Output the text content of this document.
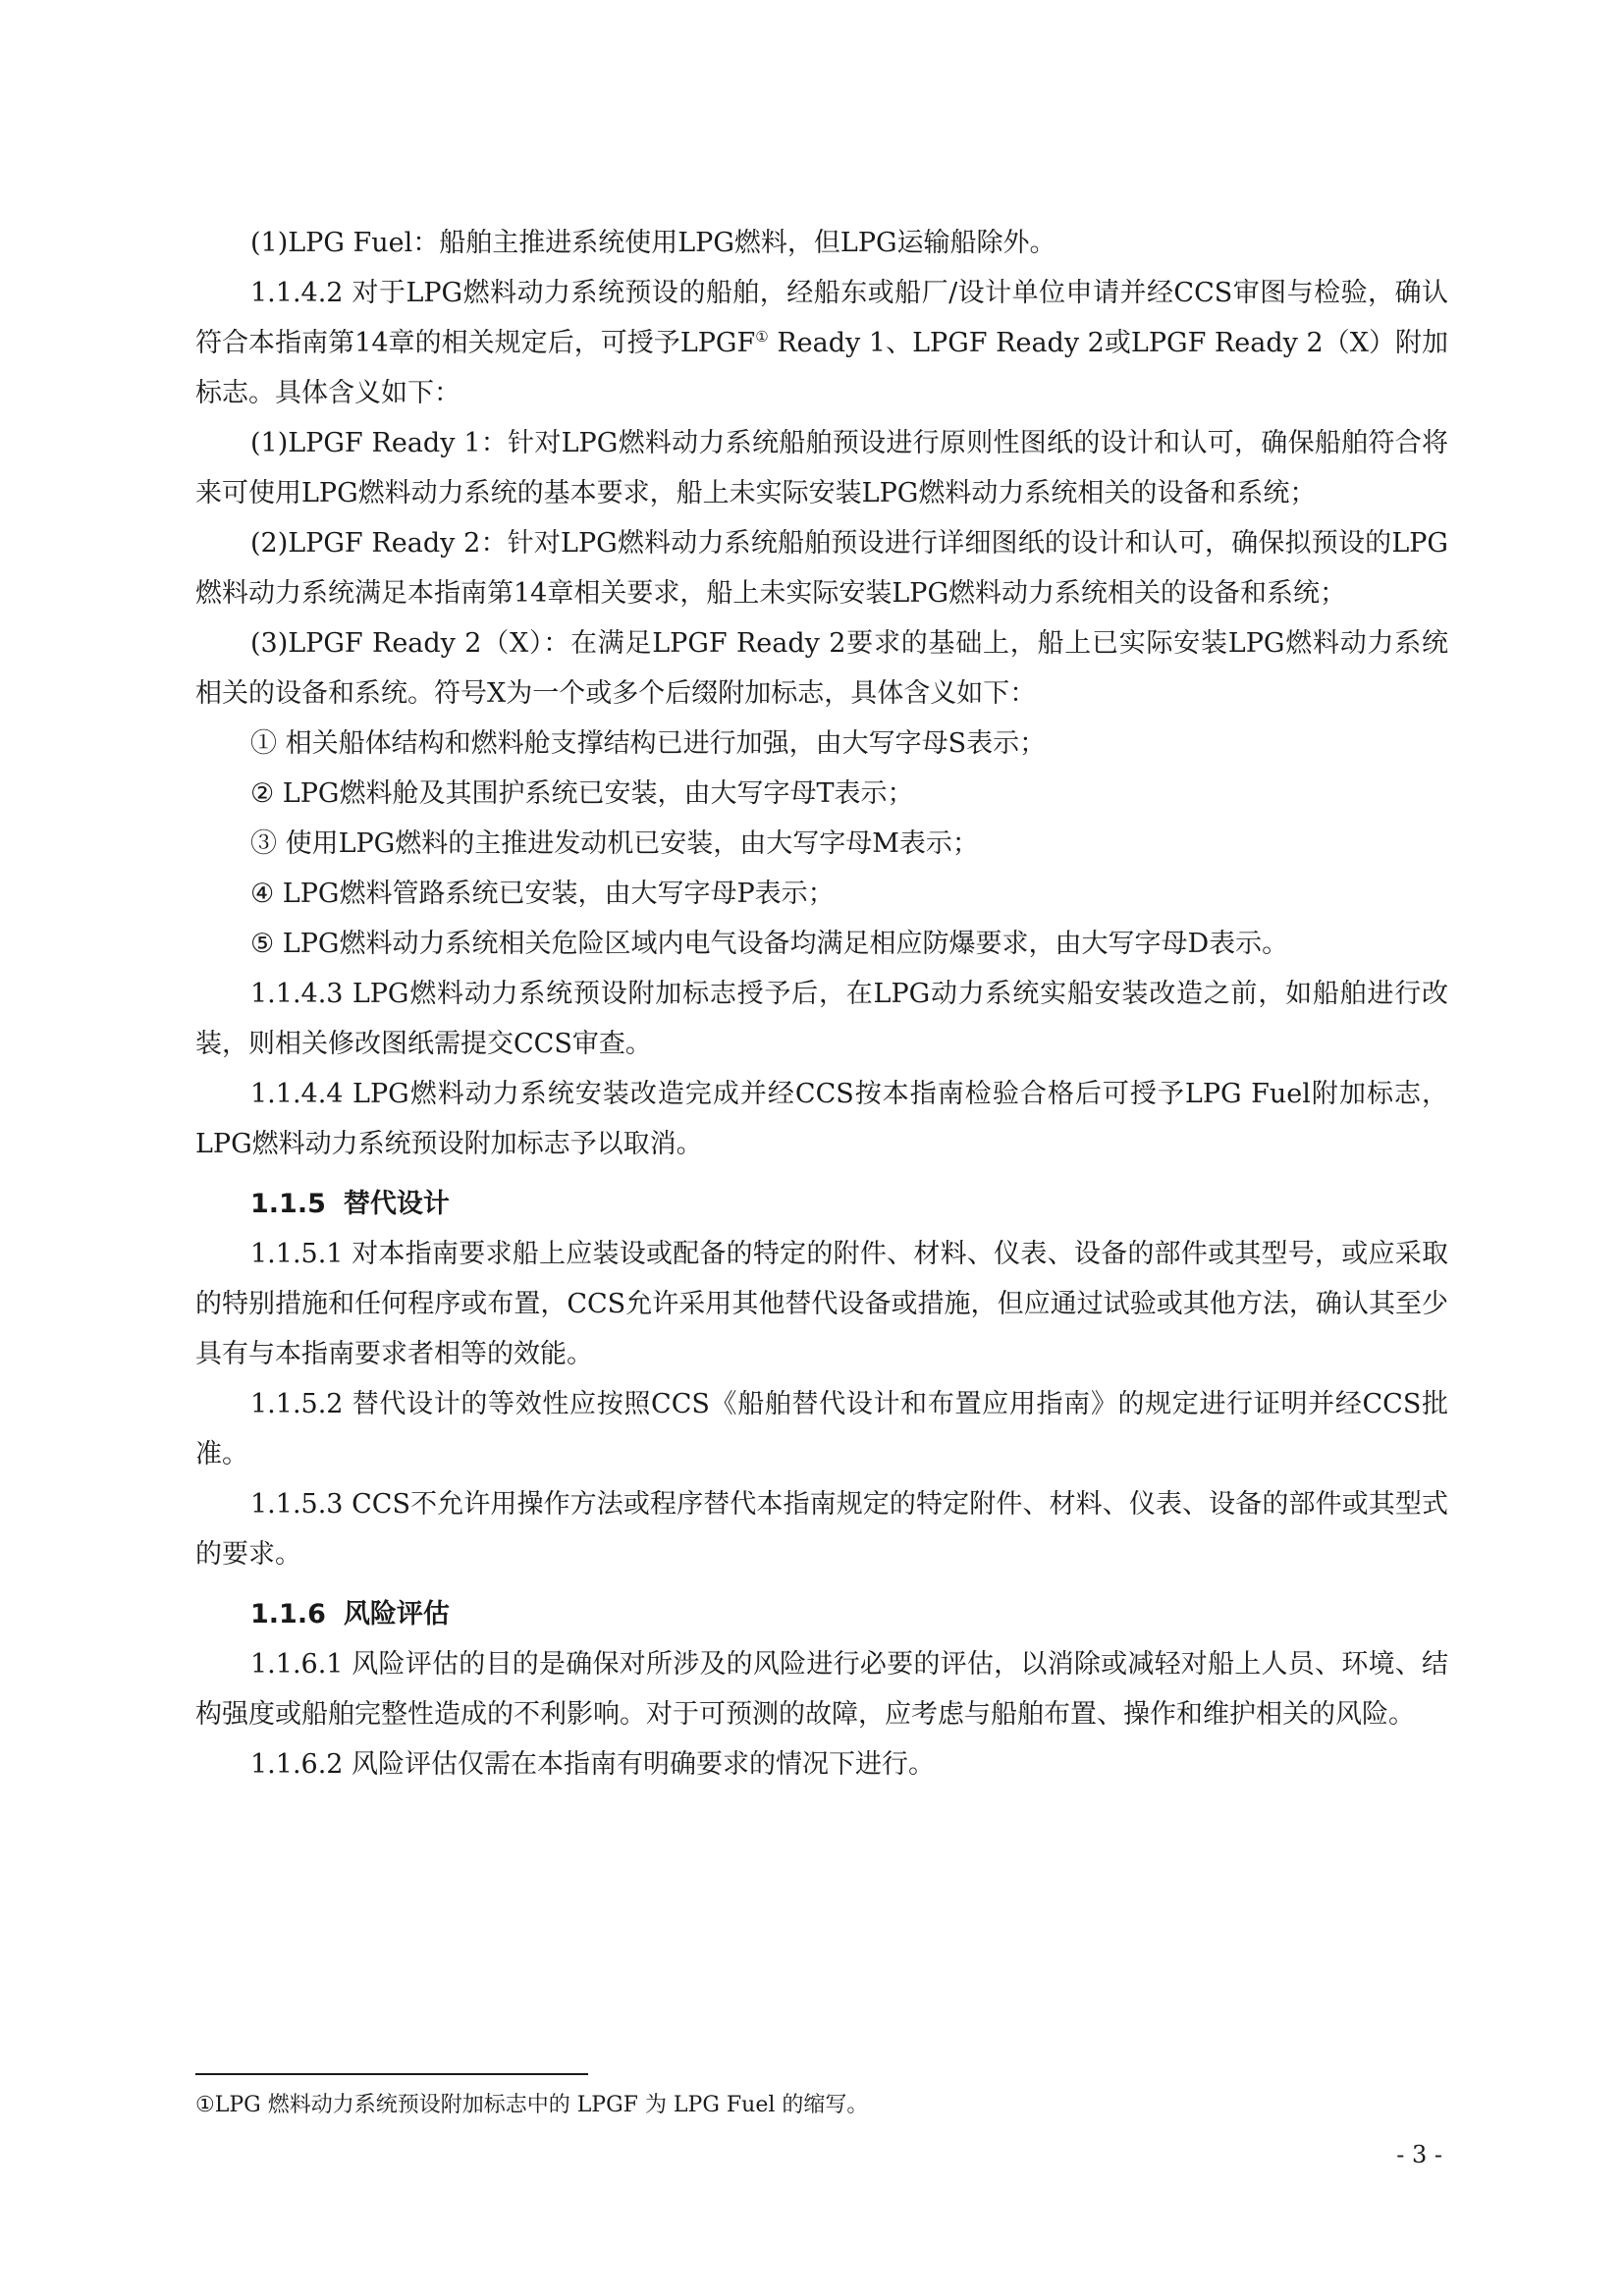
(1)LPG Fuel：船舶主推进系统使用LPG燃料，但LPG运输船除外。

1.1.4.2 对于LPG燃料动力系统预设的船舶，经船东或船厂/设计单位申请并经CCS审图与检验，确认符合本指南第14章的相关规定后，可授予LPGF① Ready 1、LPGF Ready 2或LPGF Ready 2（X）附加标志。具体含义如下：

(1)LPGF Ready 1：针对LPG燃料动力系统船舶预设进行原则性图纸的设计和认可，确保船舶符合将来可使用LPG燃料动力系统的基本要求，船上未实际安装LPG燃料动力系统相关的设备和系统；

(2)LPGF Ready 2：针对LPG燃料动力系统船舶预设进行详细图纸的设计和认可，确保拟预设的LPG燃料动力系统满足本指南第14章相关要求，船上未实际安装LPG燃料动力系统相关的设备和系统；

(3)LPGF Ready 2（X）：在满足LPGF Ready 2要求的基础上，船上已实际安装LPG燃料动力系统相关的设备和系统。符号X为一个或多个后缀附加标志，具体含义如下：

① 相关船体结构和燃料舱支撑结构已进行加强，由大写字母S表示；

② LPG燃料舱及其围护系统已安装，由大写字母T表示；

③ 使用LPG燃料的主推进发动机已安装，由大写字母M表示；

④ LPG燃料管路系统已安装，由大写字母P表示；

⑤ LPG燃料动力系统相关危险区域内电气设备均满足相应防爆要求，由大写字母D表示。

1.1.4.3 LPG燃料动力系统预设附加标志授予后，在LPG动力系统实船安装改造之前，如船舶进行改装，则相关修改图纸需提交CCS审查。

1.1.4.4 LPG燃料动力系统安装改造完成并经CCS按本指南检验合格后可授予LPG Fuel附加标志，LPG燃料动力系统预设附加标志予以取消。

1.1.5 替代设计

1.1.5.1 对本指南要求船上应装设或配备的特定的附件、材料、仪表、设备的部件或其型号，或应采取的特别措施和任何程序或布置，CCS允许采用其他替代设备或措施，但应通过试验或其他方法，确认其至少具有与本指南要求者相等的效能。

1.1.5.2 替代设计的等效性应按照CCS《船舶替代设计和布置应用指南》的规定进行证明并经CCS批准。

1.1.5.3 CCS不允许用操作方法或程序替代本指南规定的特定附件、材料、仪表、设备的部件或其型式的要求。

1.1.6 风险评估

1.1.6.1 风险评估的目的是确保对所涉及的风险进行必要的评估，以消除或减轻对船上人员、环境、结构强度或船舶完整性造成的不利影响。对于可预测的故障，应考虑与船舶布置、操作和维护相关的风险。

1.1.6.2 风险评估仅需在本指南有明确要求的情况下进行。

①LPG 燃料动力系统预设附加标志中的 LPGF 为 LPG Fuel 的缩写。
- 3 -
